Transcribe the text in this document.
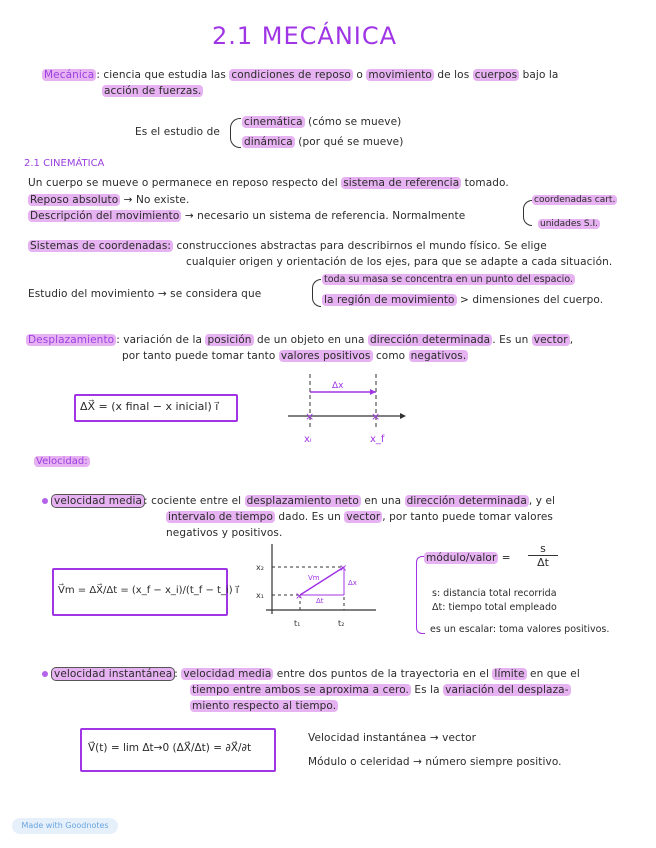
2.1 MECÁNICA
Mecánica : ciencia que estudia las condiciones de reposo o movimiento de los cuerpos bajo la
acción de fuerzas.
Es el estudio de
cinemática (cómo se mueve)
dinámica (por qué se mueve)
2.1 CINEMÁTICA
Un cuerpo se mueve o permanece en reposo respecto del sistema de referencia tomado.
Reposo absoluto → No existe.
Descripción del movimiento → necesario un sistema de referencia. Normalmente
coordenadas cart.
unidades S.I.
Sistemas de coordenadas: construcciones abstractas para describirnos el mundo físico. Se elige
cualquier origen y orientación de los ejes, para que se adapte a cada situación.
Estudio del movimiento → se considera que
toda su masa se concentra en un punto del espacio.
la región de movimiento > dimensiones del cuerpo.
Desplazamiento : variación de la posición de un objeto en una dirección determinada . Es un vector ,
por tanto puede tomar tanto valores positivos como negativos.
ΔX⃗ = (x final − x inicial) i⃗
Δx
×	×
xᵢ	x_f
Velocidad:
velocidad media : cociente entre el desplazamiento neto en una dirección determinada , y el
intervalo de tiempo dado. Es un vector , por tanto puede tomar valores
negativos y positivos.
V⃗m = ΔX⃗/Δt = (x_f − x_i)/(t_f − t_i) i⃗
×
×
Vm
Δt
Δx
x₂
x₁
t₁	t₂
módulo/valor =
s
Δt
s: distancia total recorrida
Δt: tiempo total empleado
es un escalar: toma valores positivos.
velocidad instantánea : velocidad media entre dos puntos de la trayectoria en el límite en que el
tiempo entre ambos se aproxima a cero. Es la variación del desplaza-
miento respecto al tiempo.
V⃗(t) = lim Δt→0 (ΔX⃗/Δt) = ∂X⃗/∂t
Velocidad instantánea → vector
Módulo o celeridad → número siempre positivo.
Made with Goodnotes
